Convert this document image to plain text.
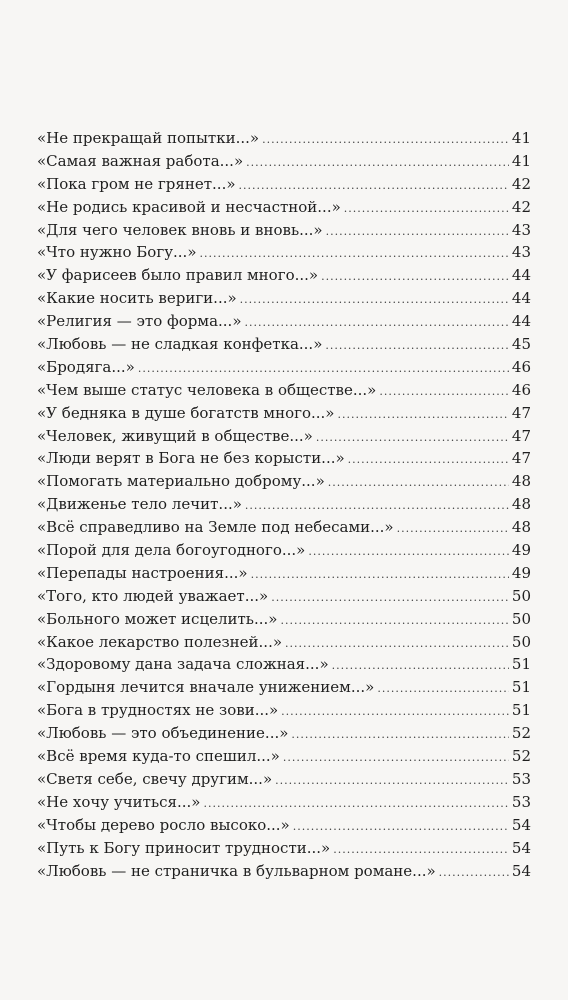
«Не прекращай попытки...» .....	41
«Самая важная работа...» .....	41
«Пока гром не грянет...» .....	42
«Не родись красивой и несчастной...» .....	42
«Для чего человек вновь и вновь...» .....	43
«Что нужно Богу...» .....	43
«У фарисеев было правил много...» .....	44
«Какие носить вериги...» .....	44
«Религия — это форма...» .....	44
«Любовь — не сладкая конфетка...» .....	45
«Бродяга...» .....	46
«Чем выше статус человека в обществе...» .....	46
«У бедняка в душе богатств много...» .....	47
«Человек, живущий в обществе...» .....	47
«Люди верят в Бога не без корысти...» .....	47
«Помогать материально доброму...» .....	48
«Движенье тело лечит...» .....	48
«Всё справедливо на Земле под небесами...» .....	48
«Порой для дела богоугодного...» .....	49
«Перепады настроения...» .....	49
«Того, кто людей уважает...» .....	50
«Больного может исцелить...» .....	50
«Какое лекарство полезней...» .....	50
«Здоровому дана задача сложная...» .....	51
«Гордыня лечится вначале унижением...» .....	51
«Бога в трудностях не зови...» .....	51
«Любовь — это объединение...» .....	52
«Всё время куда-то спешил...» .....	52
«Светя себе, свечу другим...» .....	53
«Не хочу учиться...» .....	53
«Чтобы дерево росло высоко...» .....	54
«Путь к Богу приносит трудности...» .....	54
«Любовь — не страничка в бульварном романе...» .....	54
